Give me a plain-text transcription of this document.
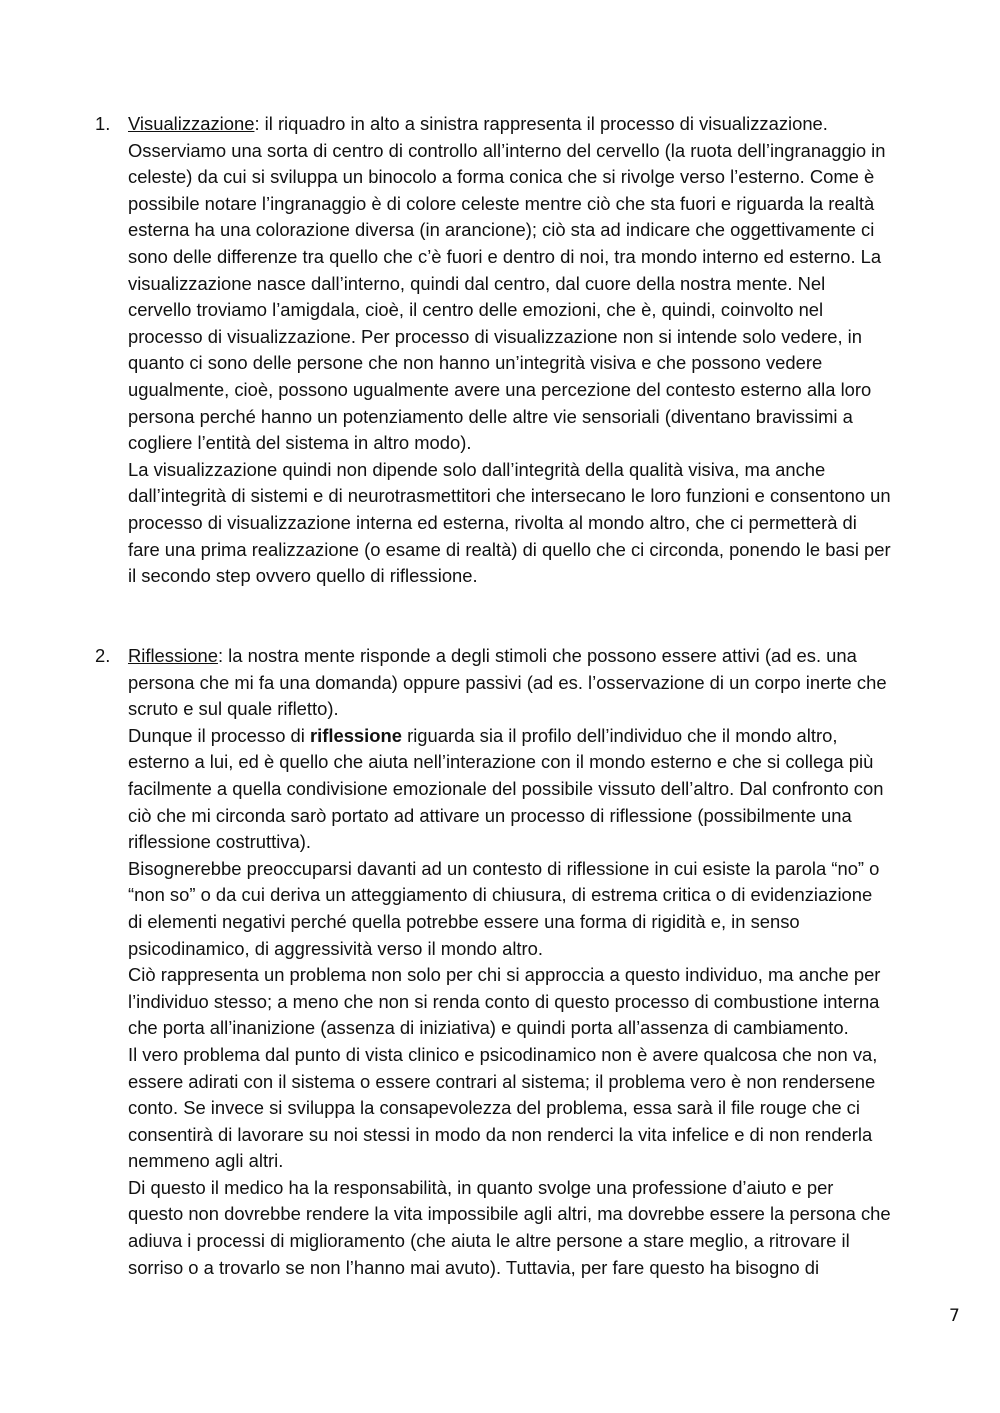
1. Visualizzazione: il riquadro in alto a sinistra rappresenta il processo di visualizzazione.
Osserviamo una sorta di centro di controllo all’interno del cervello (la ruota dell’ingranaggio in
celeste) da cui si sviluppa un binocolo a forma conica che si rivolge verso l’esterno. Come è
possibile notare l’ingranaggio è di colore celeste mentre ciò che sta fuori e riguarda la realtà
esterna ha una colorazione diversa (in arancione); ciò sta ad indicare che oggettivamente ci
sono delle differenze tra quello che c’è fuori e dentro di noi, tra mondo interno ed esterno. La
visualizzazione nasce dall’interno, quindi dal centro, dal cuore della nostra mente. Nel
cervello troviamo l’amigdala, cioè, il centro delle emozioni, che è, quindi, coinvolto nel
processo di visualizzazione. Per processo di visualizzazione non si intende solo vedere, in
quanto ci sono delle persone che non hanno un’integrità visiva e che possono vedere
ugualmente, cioè, possono ugualmente avere una percezione del contesto esterno alla loro
persona perché hanno un potenziamento delle altre vie sensoriali (diventano bravissimi a
cogliere l’entità del sistema in altro modo).
La visualizzazione quindi non dipende solo dall’integrità della qualità visiva, ma anche
dall’integrità di sistemi e di neurotrasmettitori che intersecano le loro funzioni e consentono un
processo di visualizzazione interna ed esterna, rivolta al mondo altro, che ci permetterà di
fare una prima realizzazione (o esame di realtà) di quello che ci circonda, ponendo le basi per
il secondo step ovvero quello di riflessione.
2. Riflessione: la nostra mente risponde a degli stimoli che possono essere attivi (ad es. una
persona che mi fa una domanda) oppure passivi (ad es. l’osservazione di un corpo inerte che
scruto e sul quale rifletto).
Dunque il processo di riflessione riguarda sia il profilo dell’individuo che il mondo altro,
esterno a lui, ed è quello che aiuta nell’interazione con il mondo esterno e che si collega più
facilmente a quella condivisione emozionale del possibile vissuto dell’altro. Dal confronto con
ciò che mi circonda sarò portato ad attivare un processo di riflessione (possibilmente una
riflessione costruttiva).
Bisognerebbe preoccuparsi davanti ad un contesto di riflessione in cui esiste la parola “no” o
“non so” o da cui deriva un atteggiamento di chiusura, di estrema critica o di evidenziazione
di elementi negativi perché quella potrebbe essere una forma di rigidità e, in senso
psicodinamico, di aggressività verso il mondo altro.
Ciò rappresenta un problema non solo per chi si approccia a questo individuo, ma anche per
l’individuo stesso; a meno che non si renda conto di questo processo di combustione interna
che porta all’inanizione (assenza di iniziativa) e quindi porta all’assenza di cambiamento.
Il vero problema dal punto di vista clinico e psicodinamico non è avere qualcosa che non va,
essere adirati con il sistema o essere contrari al sistema; il problema vero è non rendersene
conto. Se invece si sviluppa la consapevolezza del problema, essa sarà il file rouge che ci
consentirà di lavorare su noi stessi in modo da non renderci la vita infelice e di non renderla
nemmeno agli altri.
Di questo il medico ha la responsabilità, in quanto svolge una professione d’aiuto e per
questo non dovrebbe rendere la vita impossibile agli altri, ma dovrebbe essere la persona che
adiuva i processi di miglioramento (che aiuta le altre persone a stare meglio, a ritrovare il
sorriso o a trovarlo se non l’hanno mai avuto). Tuttavia, per fare questo ha bisogno di
7
